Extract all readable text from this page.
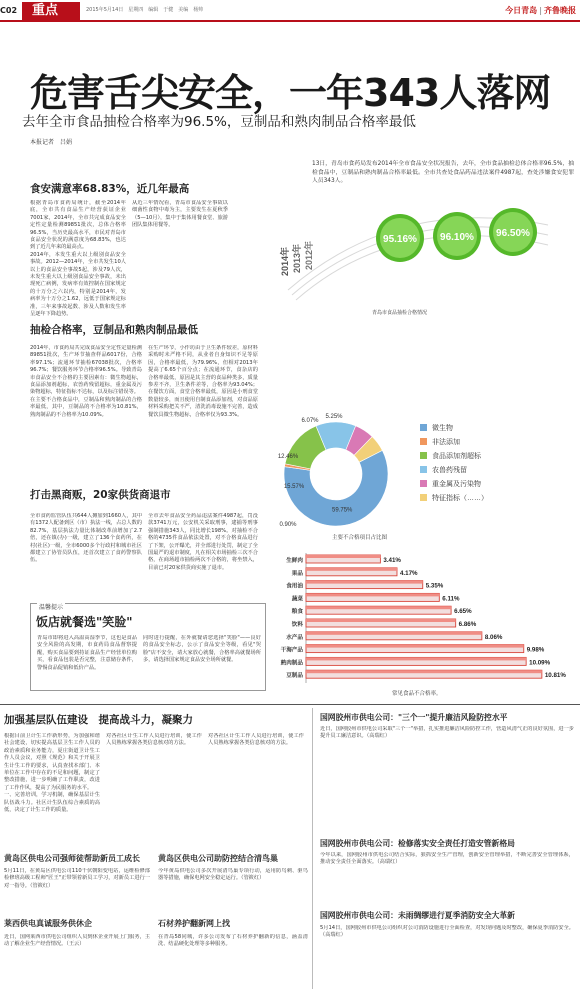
C02	重点	2015年5月14日　星期四　编辑　于健　美编　杨帅	今日青岛 | 齐鲁晚报
危害舌尖安全，一年343人落网
去年全市食品抽检合格率为96.5%，豆制品和熟肉制品合格率最低
本报记者　吕娟
13日，青岛市食药局发布2014年全市食品安全状况报告，去年，全市食品抽检总体合格率96.5%，抽检食品中，豆制品和熟肉制品合格率最低。全市共查处食品药品违法案件4987起，查处涉嫌食安犯罪人员343人。
食安满意率68.83%，近几年最高
根据青岛市食药局统计，截至2014年底，全市共有食品生产经营获证企业7001家，2014年，全市共完成食品安全定性定量检测89851批次，总体合格率96.5%，当历史最高水平，市民对青岛市食品安全状况的满意度为68.83%，也达到了近几年来的最高点。
2014年，本发生重大以上级别食品安全事故。2012—2014年，全市共发生10人以上的食品安全事故5起，涉及79人次，未发生重大以上级别食品安全事故，未出现死亡病例，发病率有效控制在国家规定的十万分之六以内，特别是2014年，发病率为十万分之1.62，远低于国家规定标准，三年来事故起数、涉及人数和发生率呈逐年下降趋势。
从近三年情况看，青岛市食品安全事故以细菌性食物中毒为主，主要发生在夏秋季（5—10月），集中于集体用餐食堂、旅游团队集体用餐等。
2012年
2013年
2014年
95.16% 96.10% 96.50%
青岛市食品抽检合格情况
抽检合格率，豆制品和熟肉制品最低
2014年，市食药局共完成食品安全定性定量检测89851批次，生产环节抽查样品6017份，合格率97.1%；流通环节抽检67038批次，合格率96.7%；餐饮服务环节合格率96.5%。导致青岛市食品安全不合格的主要因素有：微生物超标，食品添加剂超标，农兽药残留超标，重金属及污染物超标，特征指标不达标，以及标注错误等。
在主要不合格食品中，豆制品和熟肉制品的合格率最低，其中，豆制品的不合格率为10.81%，熟肉制品的不合格率为10.09%。
在生产环节，小作坊由于卫生条件较差，原材料采购时未严格不同，从业者自身知识不足等原因，合格率最低，为79.96%，但相对2013年提高了6.65个百分点；在流通环节，食杂店的合格率最低，原因是其主营的食品种类多，质量参差不齐，卫生条件差等，合格率为93.04%；在餐饮方面，食堂合格率最低，原因是小刑食堂数量较多，而且使用自制食品添加剂，对食品原材料采购把关不严，清洗消毒设施不完善，造成餐饮具微生物超标，合格率仅为93.3%。
59.75%
0.90%
15.57%
12.46%
6.07%
5.25%
微生物
非法添加
食品添加剂超标
农兽药残留
重金属及污染物
特征指标（……）
主要不合格项目占比图
打击黑商贩，20家供货商退市
全市食药监管队伍共644人摊加到1660人，其中有1372人配备到区（市）执法一线，占总人数的82.7%，基层执法力量比体制改革前增加了2.7倍，还在镇(办)一级，建立了136个食药所，在村(社区)一级，全市6000多个行政村和城市社区都建立了协管员队伍，还首次建立了食药警察队伍。
全市去年食品安全药品违法案件4987起，罚没款3741万元，公安机关采取刑事，逮捕等刑事强制措施343人，同比增长198%。对抽检不合格的4735件食品依法处置，对不合格食品进行了下架，公开曝光，并全部进行处罚，制定了全国最严的退市制度，凡在相关市场抽检三次不合格，在商场超市抽检两次不合格的，将坐禁入，目前已对20家供货商实施了退市。
温馨提示
饭店就餐选"笑脸"
青岛市即将进入高温高湿季节，这也是食品安全风险的高发期，市食药局食品督察提醒，购买食品要到持证食品生产经营单位购买，看食品包装是否完整，注意储存条件，警惕食品促销和低价产品。
同时进行提醒，在外就餐请您选择"笑脸"——良好的食品安全标志，公示了食品安全等级，看见"哭脸"店不安全，请大家放心就餐，合格率高就餐场所多，请选择国家规定食品安全场所就餐。
生鲜肉	3.41%
果品	4.17%
食用油	5.35%
蔬菜	6.11%
粮食	6.65%
饮料	6.86%
水产品	8.06%
干海产品	9.98%
熟肉制品	10.09%
豆制品	10.81%
常见食品不合格率。
加强基层队伍建设　提高战斗力，凝聚力
根据目前卫计生工作新形势，为加强和谐社会建设，切实提高基层卫生工作人员的政治素质和业务能力，夏庄街道卫计生工作人员会议，对照《规范》和关于开展卫生计生工作的要求，认真查找本部门、本单位在工作中存在的不足和问题，制定了整改措施，进一步明确了工作职责，改进了工作作风，提高了为民服务的水平。
一、完善培训，学习机制，确保基层计生队伍战斗力。社区计生队伍综合素质的高低，决定了计生工作的质量。
对各社区计生工作人员进行培训，使工作人员熟练掌握各类信息核对的方法。
对各社区计生工作人员进行培训，使工作人员熟练掌握各类信息核对的方法。
黄岛区供电公司强师徒帮助新员工成长
5月11日，在黄岛区供电公司110千伏朝阳变电站，运维检修部检修班高级工程师"匠王"正带领着新员工学习，对新员工进行一对一指导。（管筱红）
黄岛区供电公司助防控结合清鸟巢
今年黄岛供电公司多次开展清鸟巢专项行动，运用防鸟刺、驱鸟器等措施，确保电网安全稳定运行。（管筱红）
莱西供电真诚服务供休企
近日，国网莱西市供电公司组织人员到休企业开展上门服务，主动了解企业生产经营情况。（王云）
石材养护翻新网上找
在青岛58同城，许多公司发布了石材养护翻新的信息，涵盖清洗、结晶硬化处理等多种服务。
国网胶州市供电公司："三个一"提升廉洁风险防控水平
近日，国网胶州市供电公司采取"三个一"举措，扎实推进廉洁风险防控工作，营造风清气正的良好氛围，进一步提升员工廉洁意识。（高瑞红）
国网胶州市供电公司：检修落实安全责任打造安管新格局
今年以来，国网胶州市供电公司结合实际，狠抓安全生产管理，创新安全管理举措，不断完善安全管理体系，推动安全责任全面落实。（高瑞红）
国网胶州市供电公司：未雨绸缪进行夏季消防安全大革新
5月14日，国网胶州市供电公司组织对公司消防设施进行全面检查，对发现问题及时整改，确保夏季消防安全。（高瑞红）
